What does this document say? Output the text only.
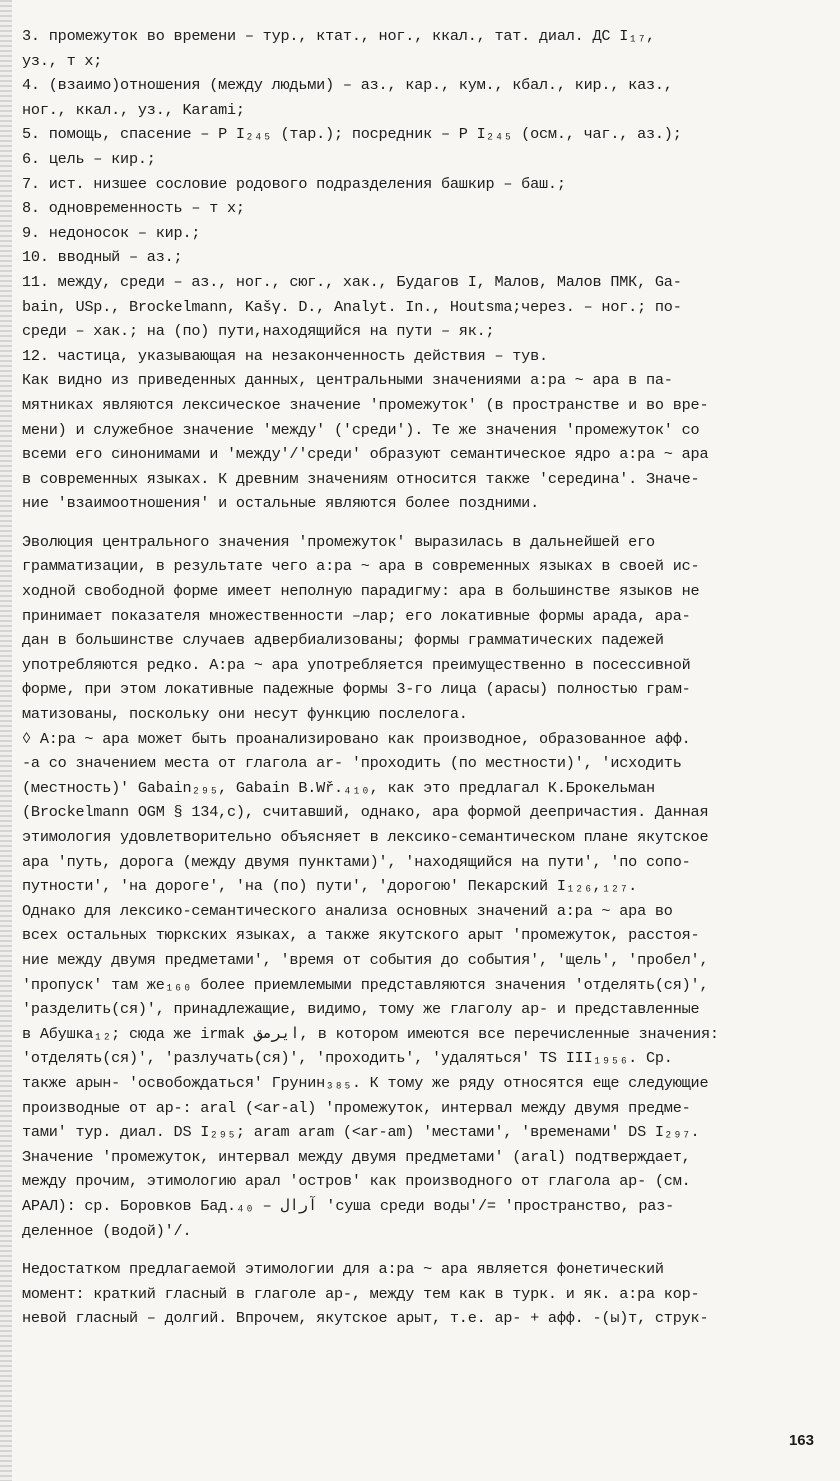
3. промежуток во времени – тур., ктат., ног., ккал., тат. диал. ДС I₁₇,
уз., т х;
4. (взаимо)отношения (между людьми) – аз., кар., кум., кбал., кир., каз.,
ног., ккал., уз., Karami;
5. помощь, спасение – Р I₂₄₅ (тар.); посредник – Р I₂₄₅ (осм., чаг., аз.);
6. цель – кир.;
7. ист. низшее сословие родового подразделения башкир – баш.;
8. одновременность – т х;
9. недоносок – кир.;
10. вводный – аз.;
11. между, среди – аз., ног., сюг., хак., Будагов I, Малов, Малов ПМК, Ga-
bain, USp., Brockelmann, Kašγ. D., Analyt. In., Houtsma;через. – ног.; по-
среди – хак.; на (по) пути,находящийся на пути – як.;
12. частица, указывающая на незаконченность действия – тув.
Как видно из приведенных данных, центральными значениями а:ра ~ ара в па-
мятниках являются лексическое значение 'промежуток' (в пространстве и во вре-
мени) и служебное значение 'между' ('среди'). Те же значения 'промежуток' со
всеми его синонимами и 'между'/'среди' образуют семантическое ядро а:ра ~ ара
в современных языках. К древним значениям относится также 'середина'. Значе-
ние 'взаимоотношения' и остальные являются более поздними.
Эволюция центрального значения 'промежуток' выразилась в дальнейшей его
грамматизации, в результате чего а:ра ~ ара в современных языках в своей ис-
ходной свободной форме имеет неполную парадигму: ара в большинстве языков не
принимает показателя множественности –лар; его локативные формы арада, ара-
дан в большинстве случаев адвербиализованы; формы грамматических падежей
употребляются редко. А:ра ~ ара употребляется преимущественно в посессивной
форме, при этом локативные падежные формы 3-го лица (арасы) полностью грам-
матизованы, поскольку они несут функцию послелога.
◊ А:ра ~ ара может быть проанализировано как производное, образованное афф.
-а со значением места от глагола ar- 'проходить (по местности)', 'исходить
(местность)' Gabain₂₉₅, Gabain В.Wř.₄₁₀, как это предлагал К.Брокельман
(Brockelmann OGM § 134,c), считавший, однако, ара формой деепричастия. Данная
этимология удовлетворительно объясняет в лексико-семантическом плане якутское
ара 'путь, дорога (между двумя пунктами)', 'находящийся на пути', 'по сопо-
путности', 'на дороге', 'на (по) пути', 'дорогою' Пекарский I₁₂₆,₁₂₇.
Однако для лексико-семантического анализа основных значений а:ра ~ ара во
всех остальных тюркских языках, а также якутского арыт 'промежуток, расстоя-
ние между двумя предметами', 'время от события до события', 'щель', 'пробел',
'пропуск' там же₁₆₀ более приемлемыми представляются значения 'отделять(ся)',
'разделить(ся)', принадлежащие, видимо, тому же глаголу ар- и представленные
в Абушка₁₂; сюда же irmak ايرمق, в котором имеются все перечисленные значения:
'отделять(ся)', 'разлучать(ся)', 'проходить', 'удаляться' TS III₁₉₅₆. Ср.
также арын- 'освобождаться' Грунин₃₈₅. К тому же ряду относятся еще следующие
производные от ар-: aral (<ar-al) 'промежуток, интервал между двумя предме-
тами' тур. диал. DS I₂₉₅; aram aram (<ar-am) 'местами', 'временами' DS I₂₉₇.
Значение 'промежуток, интервал между двумя предметами' (aral) подтверждает,
между прочим, этимологию арал 'остров' как производного от глагола ар- (см.
АРАЛ): ср. Боровков Бад.₄₀ – آرال 'суша среди воды'/= 'пространство, раз-
деленное (водой)'/.
Недостатком предлагаемой этимологии для а:ра ~ ара является фонетический
момент: краткий гласный в глаголе ар-, между тем как в турк. и як. а:ра кор-
невой гласный – долгий. Впрочем, якутское арыт, т.е. ар- + афф. -(ы)т, струк-
163
